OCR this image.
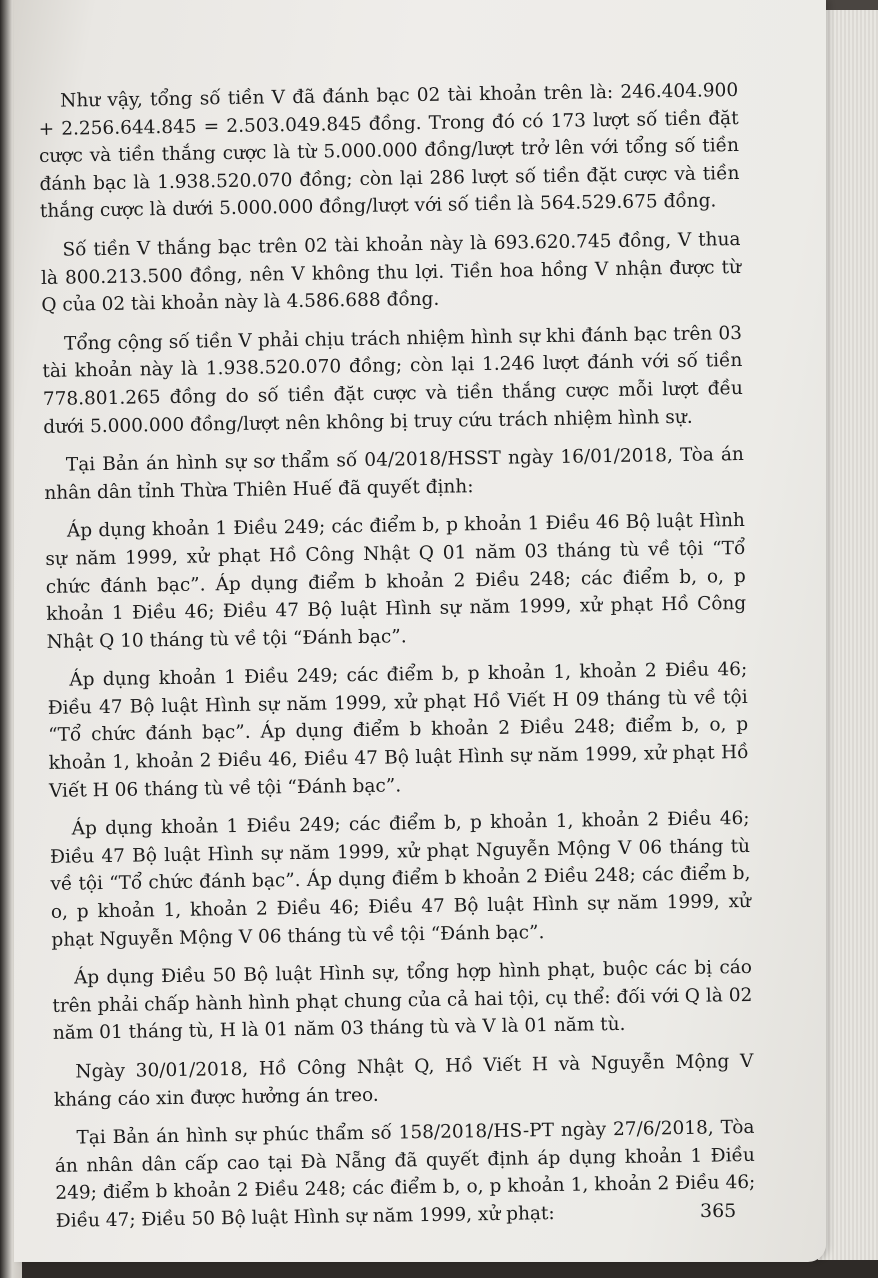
Như vậy, tổng số tiền V đã đánh bạc 02 tài khoản trên là: 246.404.900 + 2.256.644.845 = 2.503.049.845 đồng. Trong đó có 173 lượt số tiền đặt cược và tiền thắng cược là từ 5.000.000 đồng/lượt trở lên với tổng số tiền đánh bạc là 1.938.520.070 đồng; còn lại 286 lượt số tiền đặt cược và tiền thắng cược là dưới 5.000.000 đồng/lượt với số tiền là 564.529.675 đồng.

Số tiền V thắng bạc trên 02 tài khoản này là 693.620.745 đồng, V thua là 800.213.500 đồng, nên V không thu lợi. Tiền hoa hồng V nhận được từ Q của 02 tài khoản này là 4.586.688 đồng.

Tổng cộng số tiền V phải chịu trách nhiệm hình sự khi đánh bạc trên 03 tài khoản này là 1.938.520.070 đồng; còn lại 1.246 lượt đánh với số tiền 778.801.265 đồng do số tiền đặt cược và tiền thắng cược mỗi lượt đều dưới 5.000.000 đồng/lượt nên không bị truy cứu trách nhiệm hình sự.

Tại Bản án hình sự sơ thẩm số 04/2018/HSST ngày 16/01/2018, Tòa án nhân dân tỉnh Thừa Thiên Huế đã quyết định:

Áp dụng khoản 1 Điều 249; các điểm b, p khoản 1 Điều 46 Bộ luật Hình sự năm 1999, xử phạt Hồ Công Nhật Q 01 năm 03 tháng tù về tội “Tổ chức đánh bạc”. Áp dụng điểm b khoản 2 Điều 248; các điểm b, o, p khoản 1 Điều 46; Điều 47 Bộ luật Hình sự năm 1999, xử phạt Hồ Công Nhật Q 10 tháng tù về tội “Đánh bạc”.

Áp dụng khoản 1 Điều 249; các điểm b, p khoản 1, khoản 2 Điều 46; Điều 47 Bộ luật Hình sự năm 1999, xử phạt Hồ Viết H 09 tháng tù về tội “Tổ chức đánh bạc”. Áp dụng điểm b khoản 2 Điều 248; điểm b, o, p khoản 1, khoản 2 Điều 46, Điều 47 Bộ luật Hình sự năm 1999, xử phạt Hồ Viết H 06 tháng tù về tội “Đánh bạc”.

Áp dụng khoản 1 Điều 249; các điểm b, p khoản 1, khoản 2 Điều 46; Điều 47 Bộ luật Hình sự năm 1999, xử phạt Nguyễn Mộng V 06 tháng tù về tội “Tổ chức đánh bạc”. Áp dụng điểm b khoản 2 Điều 248; các điểm b, o, p khoản 1, khoản 2 Điều 46; Điều 47 Bộ luật Hình sự năm 1999, xử phạt Nguyễn Mộng V 06 tháng tù về tội “Đánh bạc”.

Áp dụng Điều 50 Bộ luật Hình sự, tổng hợp hình phạt, buộc các bị cáo trên phải chấp hành hình phạt chung của cả hai tội, cụ thể: đối với Q là 02 năm 01 tháng tù, H là 01 năm 03 tháng tù và V là 01 năm tù.

Ngày 30/01/2018, Hồ Công Nhật Q, Hồ Viết H và Nguyễn Mộng V kháng cáo xin được hưởng án treo.

Tại Bản án hình sự phúc thẩm số 158/2018/HS-PT ngày 27/6/2018, Tòa án nhân dân cấp cao tại Đà Nẵng đã quyết định áp dụng khoản 1 Điều 249; điểm b khoản 2 Điều 248; các điểm b, o, p khoản 1, khoản 2 Điều 46; Điều 47; Điều 50 Bộ luật Hình sự năm 1999, xử phạt:	365
